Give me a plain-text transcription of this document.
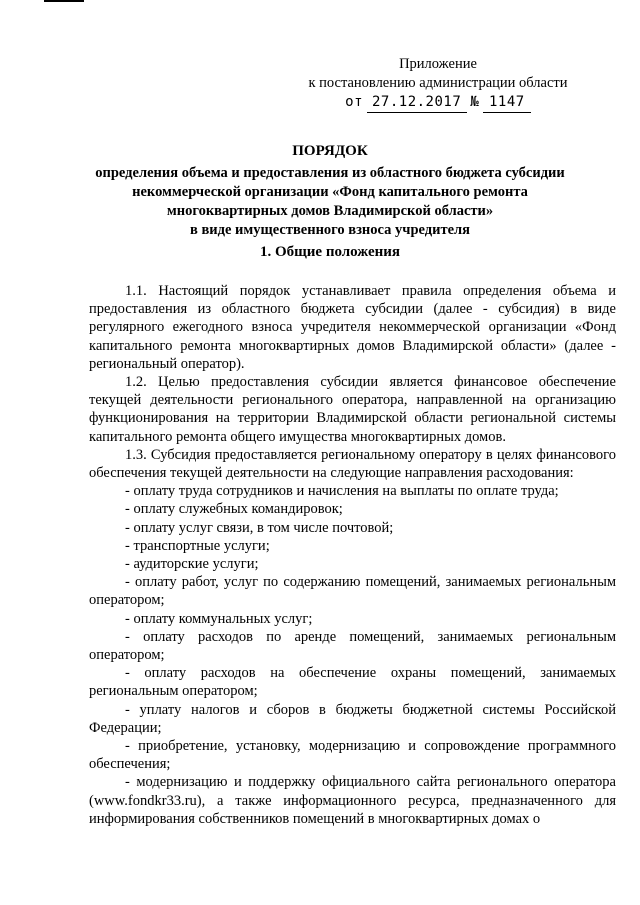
Приложение
к постановлению администрации области
от 27.12.2017 № 1147
ПОРЯДОК
определения объема и предоставления из областного бюджета субсидии
некоммерческой организации «Фонд капитального ремонта
многоквартирных домов Владимирской области»
в виде имущественного взноса учредителя
1. Общие положения

1.1. Настоящий порядок устанавливает правила определения объема и предоставления из областного бюджета субсидии (далее - субсидия) в виде регулярного ежегодного взноса учредителя некоммерческой организации «Фонд капитального ремонта многоквартирных домов Владимирской области» (далее - региональный оператор).

1.2. Целью предоставления субсидии является финансовое обеспечение текущей деятельности регионального оператора, направленной на организацию функционирования на территории Владимирской области региональной системы капитального ремонта общего имущества многоквартирных домов.

1.3. Субсидия предоставляется региональному оператору в целях финансового обеспечения текущей деятельности на следующие направления расходования:

- оплату труда сотрудников и начисления на выплаты по оплате труда;

- оплату служебных командировок;

- оплату услуг связи, в том числе почтовой;

- транспортные услуги;

- аудиторские услуги;

- оплату работ, услуг по содержанию помещений, занимаемых региональным оператором;

- оплату коммунальных услуг;

- оплату расходов по аренде помещений, занимаемых региональным оператором;

- оплату расходов на обеспечение охраны помещений, занимаемых региональным оператором;

- уплату налогов и сборов в бюджеты бюджетной системы Российской Федерации;

- приобретение, установку, модернизацию и сопровождение программного обеспечения;

- модернизацию и поддержку официального сайта регионального оператора (www.fondkr33.ru), а также информационного ресурса, предназначенного для информирования собственников помещений в многоквартирных домах о
